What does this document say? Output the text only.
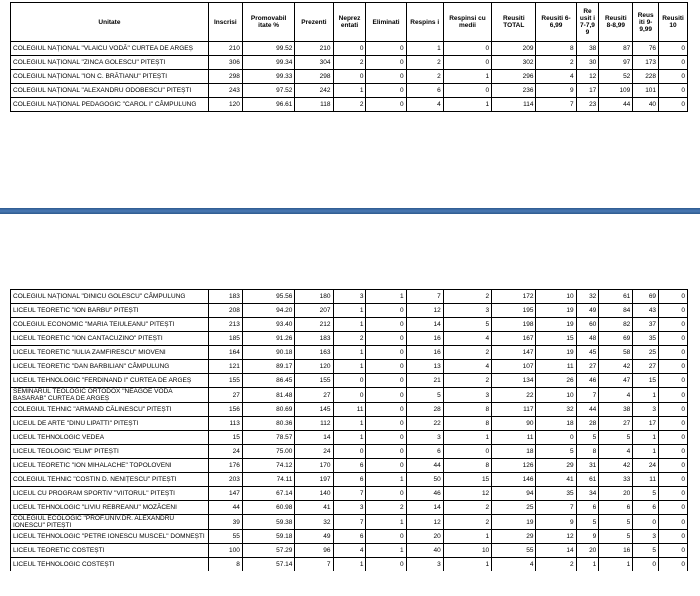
Unitate	Inscrisi	Promovabil itate %	Prezenti	Neprez entati	Eliminati	Respins i	Respinsi cu medii	Reusiti TOTAL	Reusiti 6-6,99	Re usit i 7-7,9 9	Reusiti 8-8,99	Reus iti 9-9,99	Reusiti 10
COLEGIUL NAȚIONAL "VLAICU VODĂ" CURTEA DE ARGEȘ	210	99.52	210	0	0	1	0	209	8	38	87	76	0
COLEGIUL NAȚIONAL "ZINCA GOLESCU" PITEȘTI	306	99.34	304	2	0	2	0	302	2	30	97	173	0
COLEGIUL NAȚIONAL "ION C. BRĂTIANU" PITEȘTI	298	99.33	298	0	0	2	1	296	4	12	52	228	0
COLEGIUL NAȚIONAL "ALEXANDRU ODOBESCU" PITEȘTI	243	97.52	242	1	0	6	0	236	9	17	109	101	0
COLEGIUL NAȚIONAL PEDAGOGIC "CAROL I" CÂMPULUNG	120	96.61	118	2	0	4	1	114	7	23	44	40	0
COLEGIUL NAȚIONAL "DINICU GOLESCU" CÂMPULUNG	183	95.56	180	3	1	7	2	172	10	32	61	69	0
LICEUL TEORETIC "ION BARBU" PITEȘTI	208	94.20	207	1	0	12	3	195	19	49	84	43	0
COLEGIUL ECONOMIC "MARIA TEIULEANU" PITEȘTI	213	93.40	212	1	0	14	5	198	19	60	82	37	0
LICEUL TEORETIC "ION CANTACUZINO" PITEȘTI	185	91.26	183	2	0	16	4	167	15	48	69	35	0
LICEUL TEORETIC "IULIA ZAMFIRESCU" MIOVENI	164	90.18	163	1	0	16	2	147	19	45	58	25	0
LICEUL TEORETIC "DAN BARBILIAN" CÂMPULUNG	121	89.17	120	1	0	13	4	107	11	27	42	27	0
LICEUL TEHNOLOGIC "FERDINAND I" CURTEA DE ARGEȘ	155	86.45	155	0	0	21	2	134	26	46	47	15	0
SEMINARUL TEOLOGIC ORTODOX "NEAGOE VODĂ BASARAB" CURTEA DE ARGEȘ	27	81.48	27	0	0	5	3	22	10	7	4	1	0
COLEGIUL TEHNIC "ARMAND CĂLINESCU" PITEȘTI	156	80.69	145	11	0	28	8	117	32	44	38	3	0
LICEUL DE ARTE "DINU LIPATTI" PITEȘTI	113	80.36	112	1	0	22	8	90	18	28	27	17	0
LICEUL TEHNOLOGIC VEDEA	15	78.57	14	1	0	3	1	11	0	5	5	1	0
LICEUL TEOLOGIC "ELIM" PITEȘTI	24	75.00	24	0	0	6	0	18	5	8	4	1	0
LICEUL TEORETIC "ION MIHALACHE" TOPOLOVENI	176	74.12	170	6	0	44	8	126	29	31	42	24	0
COLEGIUL TEHNIC "COSTIN D. NENIȚESCU" PITEȘTI	203	74.11	197	6	1	50	15	146	41	61	33	11	0
LICEUL CU PROGRAM SPORTIV "VIITORUL" PITEȘTI	147	67.14	140	7	0	46	12	94	35	34	20	5	0
LICEUL TEHNOLOGIC "LIVIU REBREANU" MOZĂCENI	44	60.98	41	3	2	14	2	25	7	6	6	6	0
COLEGIUL ECOLOGIC "PROF.UNIV.DR. ALEXANDRU IONESCU" PITEȘTI	39	59.38	32	7	1	12	2	19	9	5	5	0	0
LICEUL TEHNOLOGIC "PETRE IONESCU MUSCEL" DOMNEȘTI	55	59.18	49	6	0	20	1	29	12	9	5	3	0
LICEUL TEORETIC COSTEȘTI	100	57.29	96	4	1	40	10	55	14	20	16	5	0
LICEUL TEHNOLOGIC COSTEȘTI	8	57.14	7	1	0	3	1	4	2	1	1	0	0
